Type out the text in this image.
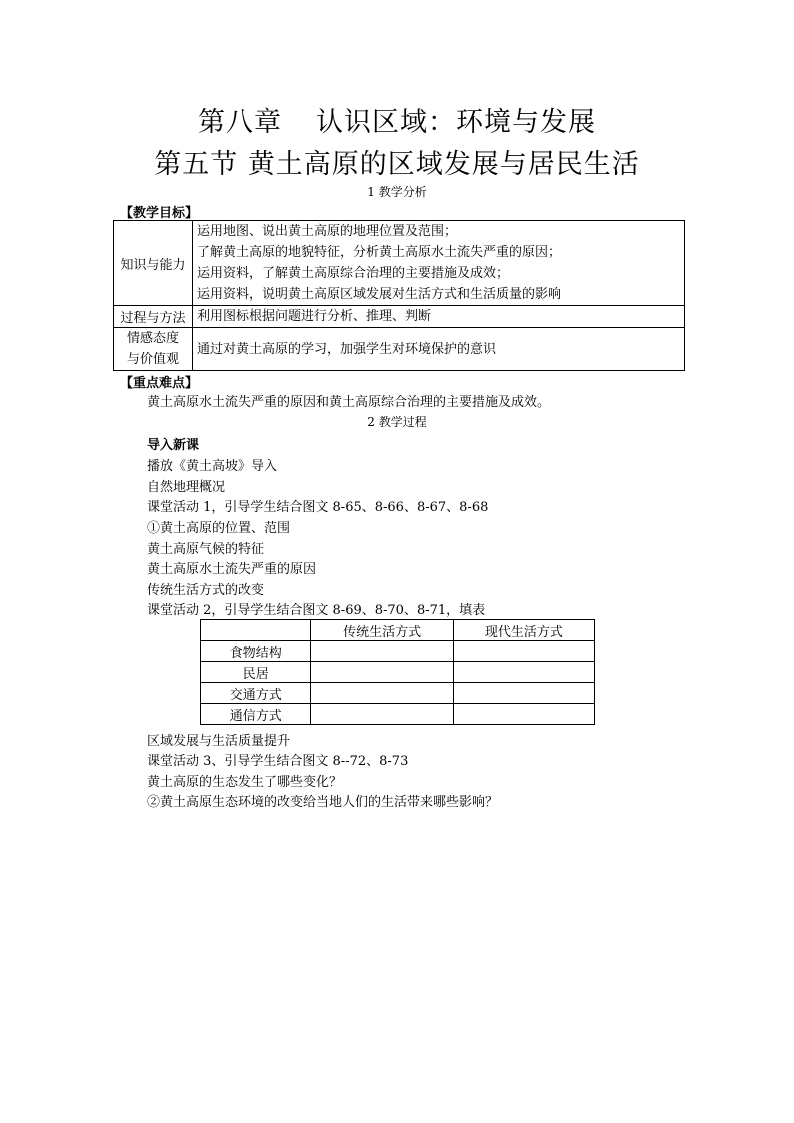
第八章 认识区域：环境与发展
第五节 黄土高原的区域发展与居民生活
1 教学分析
【教学目标】
知识与能力	运用地图、说出黄土高原的地理位置及范围；
了解黄土高原的地貌特征，分析黄土高原水土流失严重的原因；
运用资料，了解黄土高原综合治理的主要措施及成效；
运用资料，说明黄土高原区域发展对生活方式和生活质量的影响

过程与方法	利用图标根据问题进行分析、推理、判断

情感态度
与价值观	通过对黄土高原的学习，加强学生对环境保护的意识
【重点难点】
黄土高原水土流失严重的原因和黄土高原综合治理的主要措施及成效。
2 教学过程
导入新课
播放《黄土高坡》导入
自然地理概况
课堂活动 1，引导学生结合图文 8-65、8-66、8-67、8-68
①黄土高原的位置、范围
黄土高原气候的特征
黄土高原水土流失严重的原因
传统生活方式的改变
课堂活动 2，引导学生结合图文 8-69、8-70、8-71，填表
	传统生活方式	现代生活方式
食物结构		
民居		
交通方式		
通信方式		
区域发展与生活质量提升
课堂活动 3、引导学生结合图文 8--72、8-73
黄土高原的生态发生了哪些变化？
②黄土高原生态环境的改变给当地人们的生活带来哪些影响？
